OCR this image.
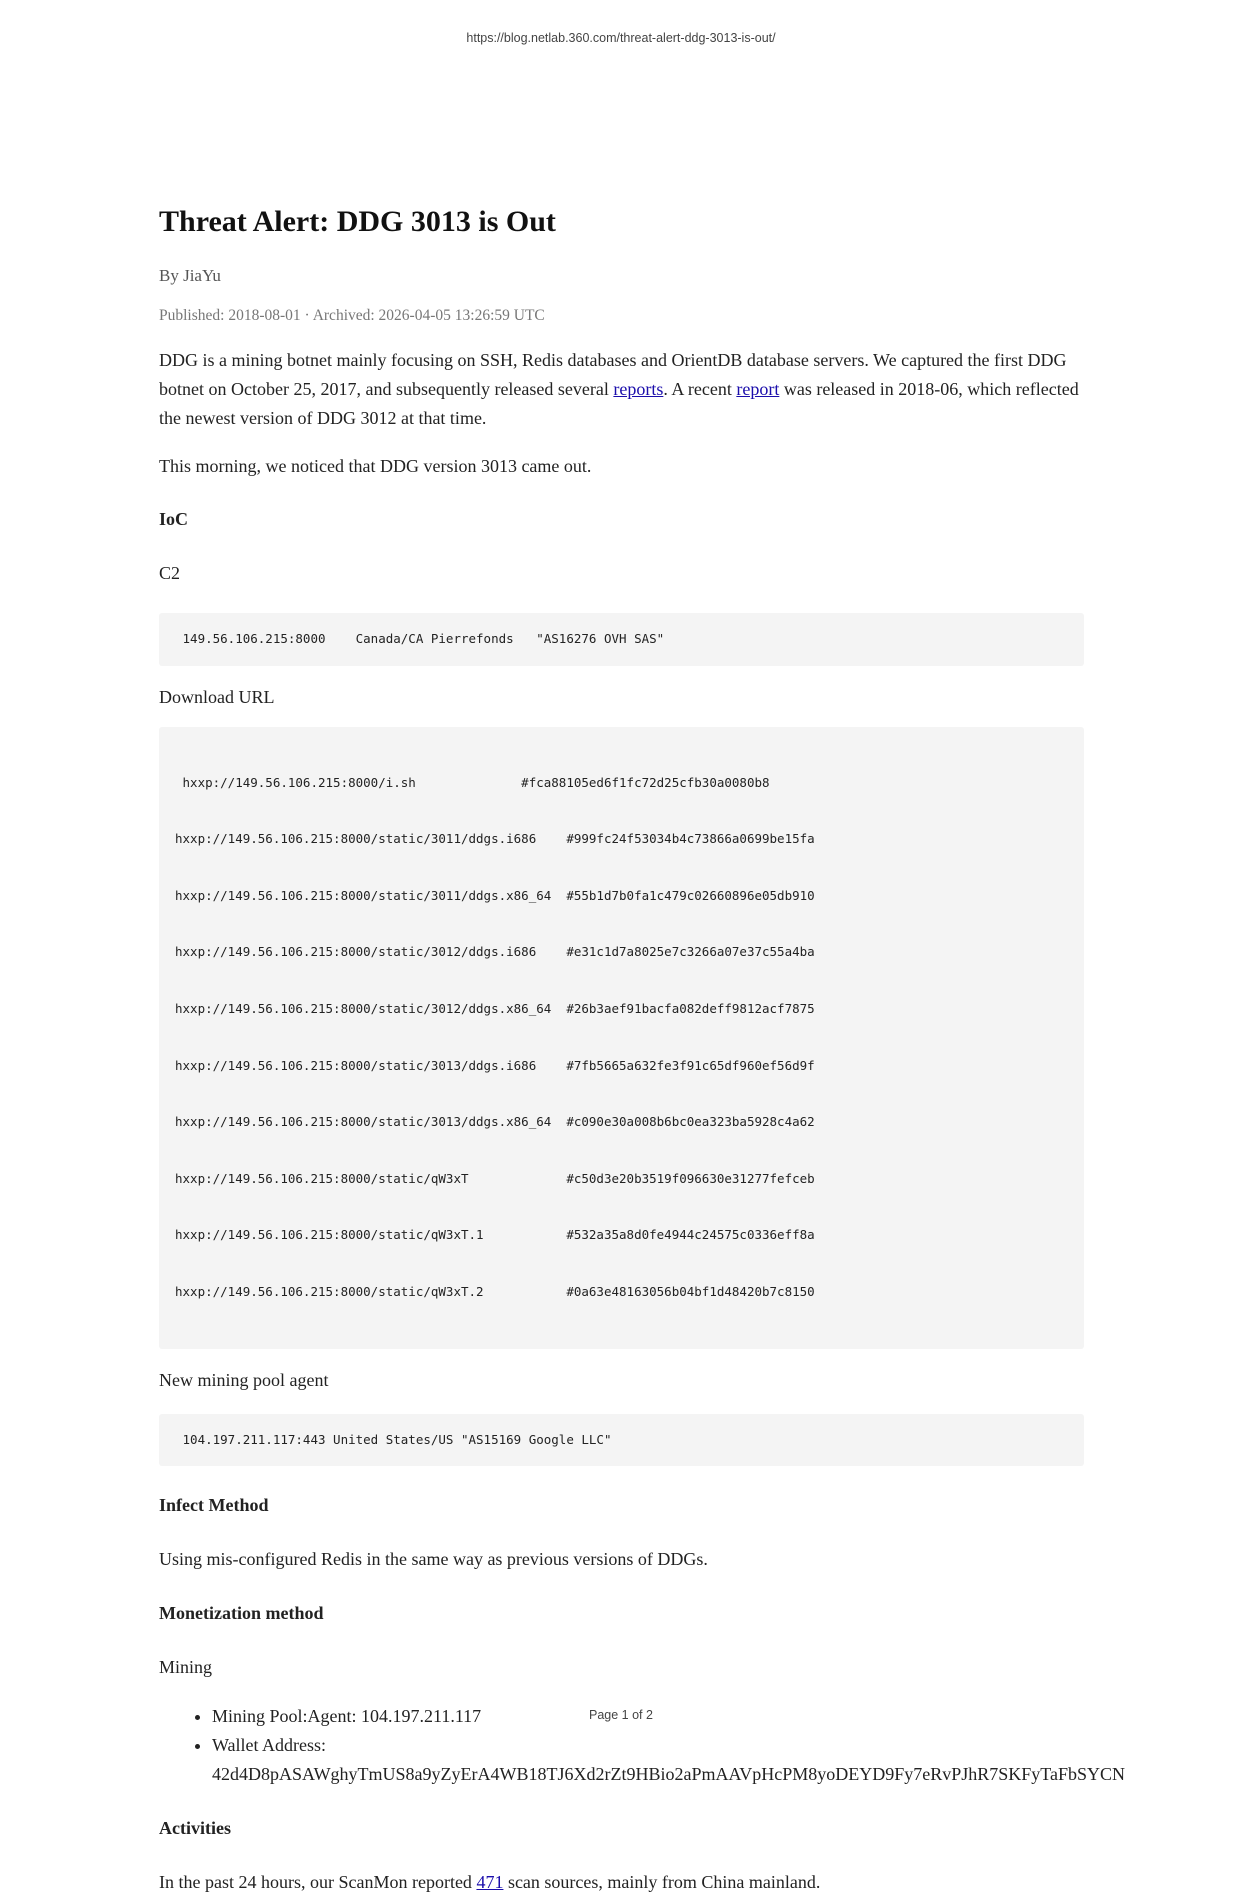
https://blog.netlab.360.com/threat-alert-ddg-3013-is-out/
Threat Alert: DDG 3013 is Out
By JiaYu
Published: 2018-08-01 · Archived: 2026-04-05 13:26:59 UTC

DDG is a mining botnet mainly focusing on SSH, Redis databases and OrientDB database servers. We captured the first DDG botnet on October 25, 2017, and subsequently released several reports. A recent report was released in 2018-06, which reflected the newest version of DDG 3012 at that time.

This morning, we noticed that DDG version 3013 came out.

IoC

C2

149.56.106.215:8000    Canada/CA Pierrefonds   "AS16276 OVH SAS"

Download URL

hxxp://149.56.106.215:8000/i.sh              #fca88105ed6f1fc72d25cfb30a0080b8

hxxp://149.56.106.215:8000/static/3011/ddgs.i686    #999fc24f53034b4c73866a0699be15fa

hxxp://149.56.106.215:8000/static/3011/ddgs.x86_64  #55b1d7b0fa1c479c02660896e05db910

hxxp://149.56.106.215:8000/static/3012/ddgs.i686    #e31c1d7a8025e7c3266a07e37c55a4ba

hxxp://149.56.106.215:8000/static/3012/ddgs.x86_64  #26b3aef91bacfa082deff9812acf7875

hxxp://149.56.106.215:8000/static/3013/ddgs.i686    #7fb5665a632fe3f91c65df960ef56d9f

hxxp://149.56.106.215:8000/static/3013/ddgs.x86_64  #c090e30a008b6bc0ea323ba5928c4a62

hxxp://149.56.106.215:8000/static/qW3xT             #c50d3e20b3519f096630e31277fefceb

hxxp://149.56.106.215:8000/static/qW3xT.1           #532a35a8d0fe4944c24575c0336eff8a

hxxp://149.56.106.215:8000/static/qW3xT.2           #0a63e48163056b04bf1d48420b7c8150

New mining pool agent

104.197.211.117:443 United States/US "AS15169 Google LLC"
Infect Method

Using mis-configured Redis in the same way as previous versions of DDGs.

Monetization method

Mining

• Mining Pool:Agent: 104.197.211.117
• Wallet Address:
42d4D8pASAWghyTmUS8a9yZyErA4WB18TJ6Xd2rZt9HBio2aPmAAVpHcPM8yoDEYD9Fy7eRvPJhR7SKFyTaFbSYCN
Activities

In the past 24 hours, our ScanMon reported 471 scan sources, mainly from China mainland.

Page 1 of 2
